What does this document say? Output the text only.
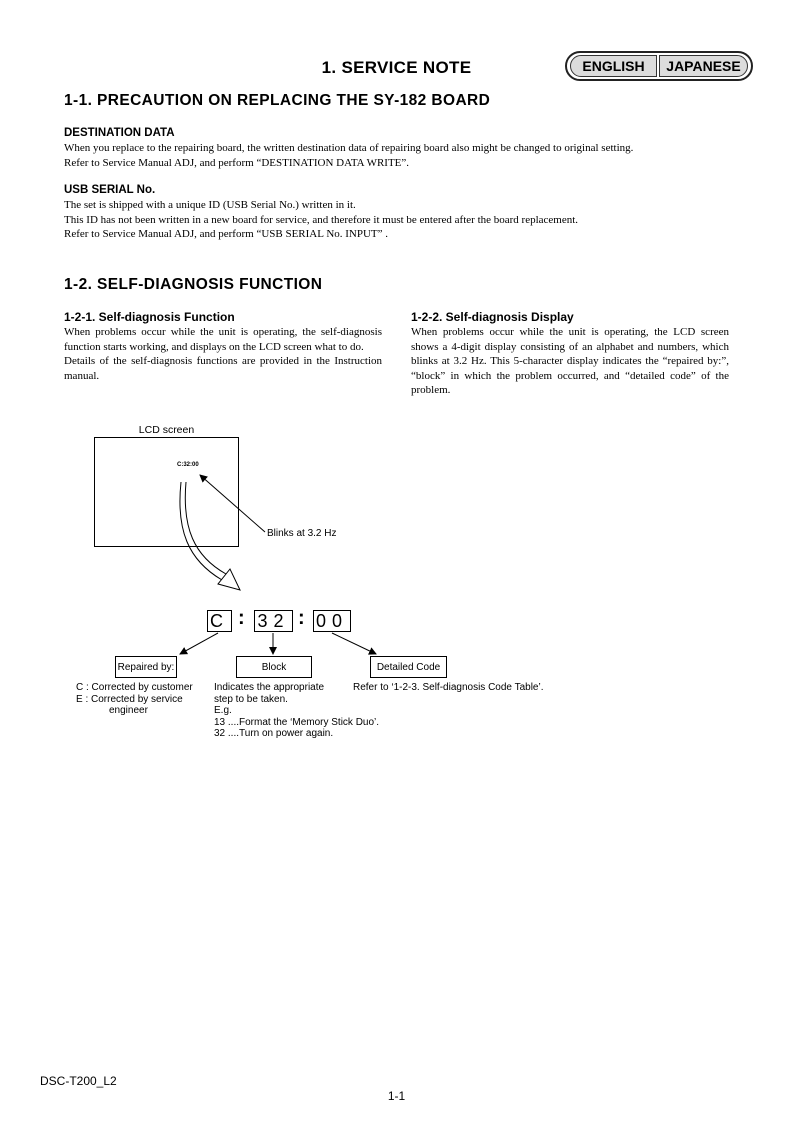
1. SERVICE NOTE	ENGLISH	JAPANESE
1-1. PRECAUTION ON REPLACING THE SY-182 BOARD
DESTINATION DATA
When you replace to the repairing board, the written destination data of repairing board also might be changed to original setting.
Refer to Service Manual ADJ, and perform “DESTINATION DATA WRITE”.
USB SERIAL No.
The set is shipped with a unique ID (USB Serial No.) written in it.
This ID has not been written in a new board for service, and therefore it must be entered after the board replacement.
Refer to Service Manual ADJ, and perform “USB SERIAL No. INPUT” .
1-2. SELF-DIAGNOSIS FUNCTION
1-2-1. Self-diagnosis Function
When problems occur while the unit is operating, the self-diagnosis function starts working, and displays on the LCD screen what to do.
Details of the self-diagnosis functions are provided in the Instruction manual.
1-2-2. Self-diagnosis Display
When problems occur while the unit is operating, the LCD screen shows a 4-digit display consisting of an alphabet and numbers, which blinks at 3.2 Hz. This 5-character display indicates the “repaired by:”, “block” in which the problem occurred, and “detailed code” of the problem.
LCD screen
C:32:00
Blinks at 3.2 Hz
C : 32 : 00
Repaired by:	Block	Detailed Code
C : Corrected by customer
E : Corrected by service
engineer
Indicates the appropriate
step to be taken.
E.g.
13 ....Format the ‘Memory Stick Duo’.
32 ....Turn on power again.
Refer to ‘1-2-3. Self-diagnosis Code Table’.
DSC-T200_L2
1-1
